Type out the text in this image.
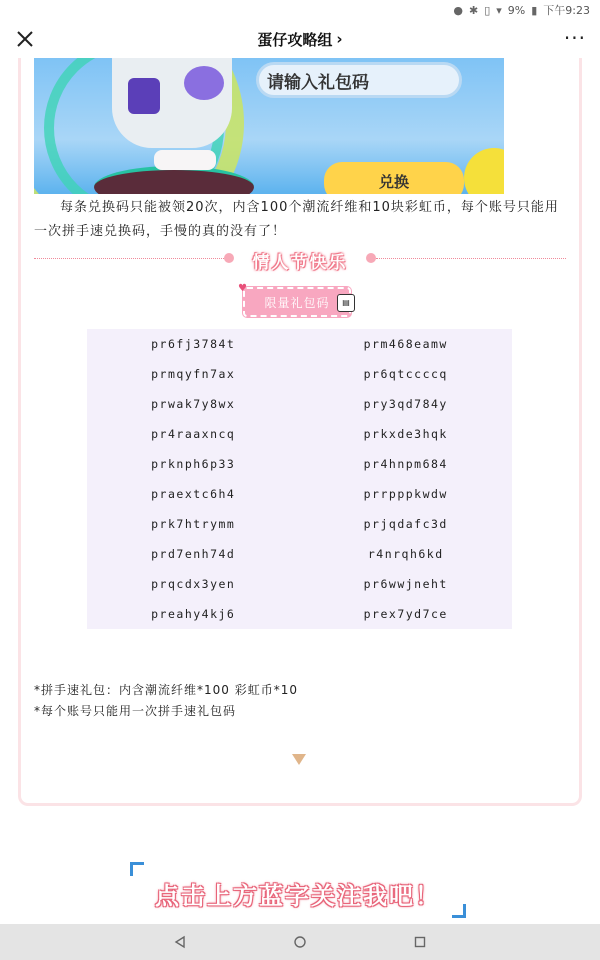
● ✱ ▯ ▾ 9% ▮ 下午9:23
蛋仔攻略组 ›	···
请输入礼包码
兑换

每条兑换码只能被领20次，内含100个潮流纤维和10块彩虹币，每个账号只能用一次拼手速兑换码，手慢的真的没有了！

情人节快乐
限量礼包码
♥
▤
pr6fj3784t	prm468eamw
prmqyfn7ax	pr6qtccccq
prwak7y8wx	pry3qd784y
pr4raaxncq	prkxde3hqk
prknph6p33	pr4hnpm684
praextc6h4	prrpppkwdw
prk7htrymm	prjqdafc3d
prd7enh74d	r4nrqh6kd
prqcdx3yen	pr6wwjneht
preahy4kj6	prex7yd7ce
*拼手速礼包：内含潮流纤维*100 彩虹币*10
*每个账号只能用一次拼手速礼包码
点击上方蓝字关注我吧！
